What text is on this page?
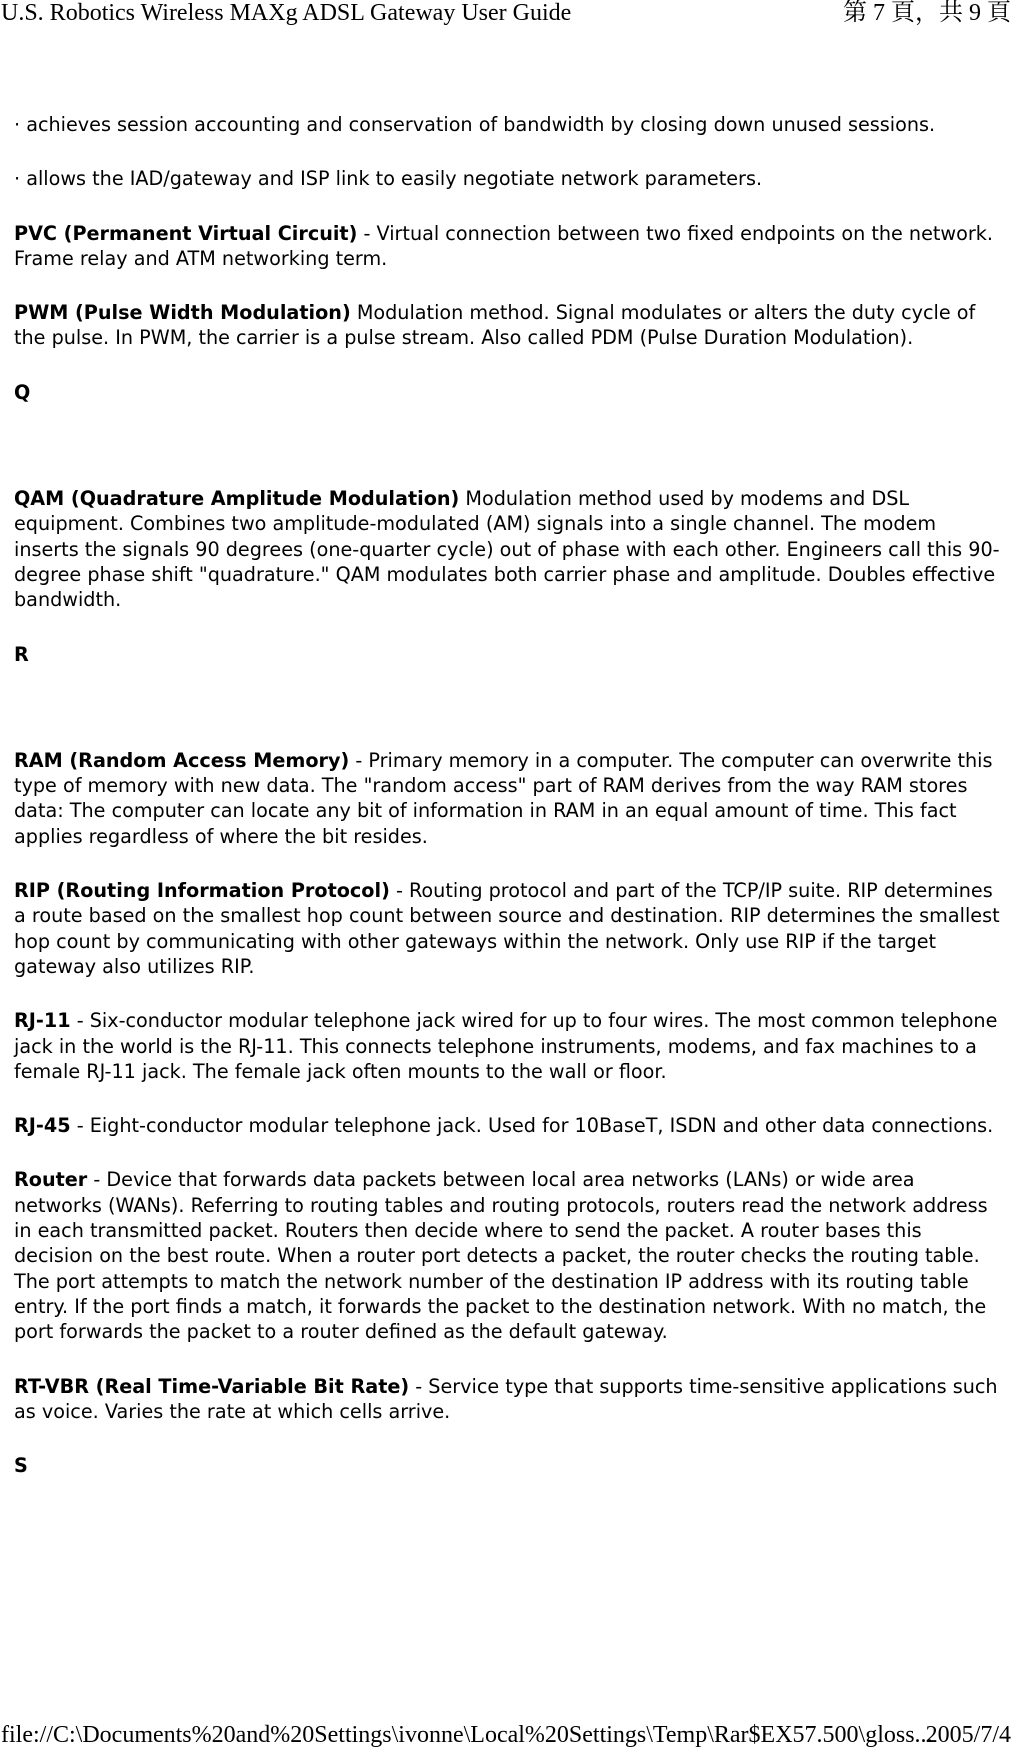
U.S. Robotics Wireless MAXg ADSL Gateway User Guide	第 7 頁，共 9 頁

· achieves session accounting and conservation of bandwidth by closing down unused sessions.

· allows the IAD/gateway and ISP link to easily negotiate network parameters.

PVC (Permanent Virtual Circuit) - Virtual connection between two fixed endpoints on the network. Frame relay and ATM networking term.

PWM (Pulse Width Modulation) Modulation method. Signal modulates or alters the duty cycle of the pulse. In PWM, the carrier is a pulse stream. Also called PDM (Pulse Duration Modulation).

Q

QAM (Quadrature Amplitude Modulation) Modulation method used by modems and DSL equipment. Combines two amplitude-modulated (AM) signals into a single channel. The modem inserts the signals 90 degrees (one-quarter cycle) out of phase with each other. Engineers call this 90-degree phase shift "quadrature." QAM modulates both carrier phase and amplitude. Doubles effective bandwidth.

R

RAM (Random Access Memory) - Primary memory in a computer. The computer can overwrite this type of memory with new data. The "random access" part of RAM derives from the way RAM stores data: The computer can locate any bit of information in RAM in an equal amount of time. This fact applies regardless of where the bit resides.

RIP (Routing Information Protocol) - Routing protocol and part of the TCP/IP suite. RIP determines a route based on the smallest hop count between source and destination. RIP determines the smallest hop count by communicating with other gateways within the network. Only use RIP if the target gateway also utilizes RIP.

RJ-11 - Six-conductor modular telephone jack wired for up to four wires. The most common telephone jack in the world is the RJ-11. This connects telephone instruments, modems, and fax machines to a female RJ-11 jack. The female jack often mounts to the wall or floor.

RJ-45 - Eight-conductor modular telephone jack. Used for 10BaseT, ISDN and other data connections.

Router - Device that forwards data packets between local area networks (LANs) or wide area networks (WANs). Referring to routing tables and routing protocols, routers read the network address in each transmitted packet. Routers then decide where to send the packet. A router bases this decision on the best route. When a router port detects a packet, the router checks the routing table. The port attempts to match the network number of the destination IP address with its routing table entry. If the port finds a match, it forwards the packet to the destination network. With no match, the port forwards the packet to a router defined as the default gateway.

RT-VBR (Real Time-Variable Bit Rate) - Service type that supports time-sensitive applications such as voice. Varies the rate at which cells arrive.

S

file://C:\Documents%20and%20Settings\ivonne\Local%20Settings\Temp\Rar$EX57.500\gloss...
2005/7/4
